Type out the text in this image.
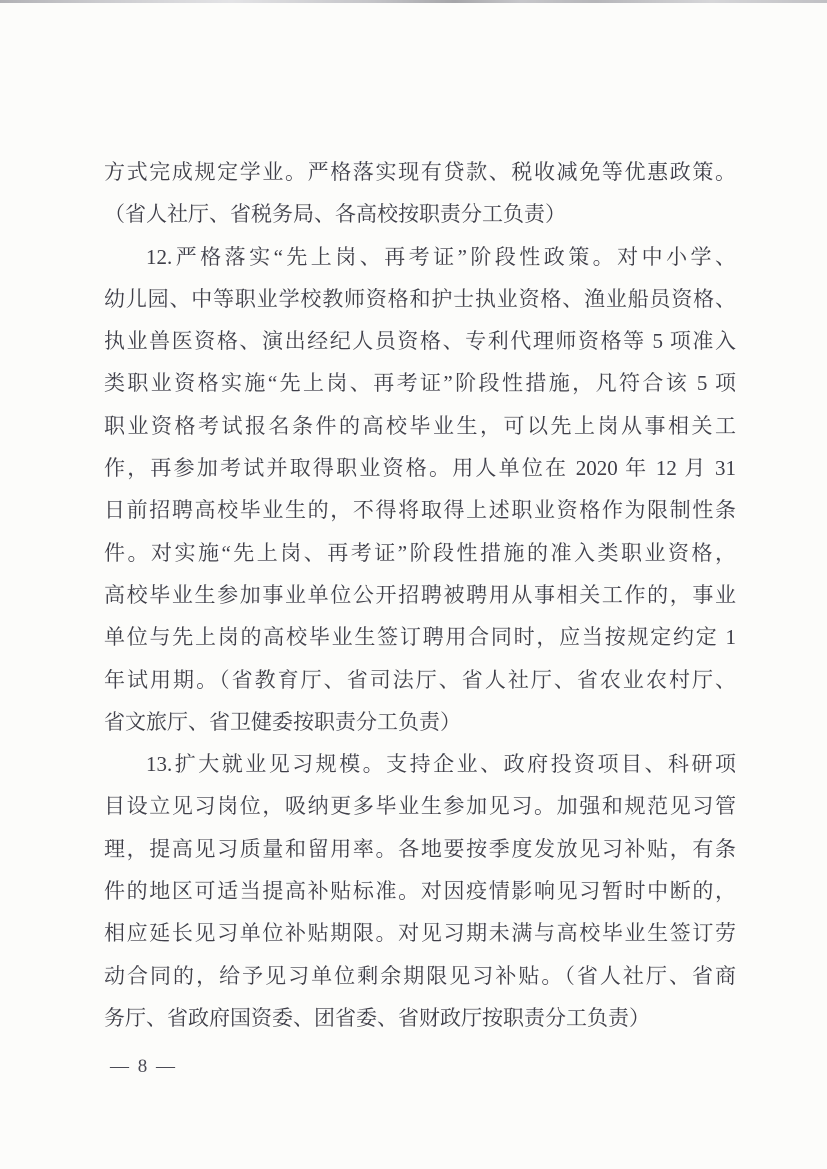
方式完成规定学业。严格落实现有贷款、税收减免等优惠政策。
（省人社厅、省税务局、各高校按职责分工负责）
12.严格落实“先上岗、再考证”阶段性政策。对中小学、
幼儿园、中等职业学校教师资格和护士执业资格、渔业船员资格、
执业兽医资格、演出经纪人员资格、专利代理师资格等 5 项准入
类职业资格实施“先上岗、再考证”阶段性措施，凡符合该 5 项
职业资格考试报名条件的高校毕业生，可以先上岗从事相关工
作，再参加考试并取得职业资格。用人单位在 2020 年 12 月 31
日前招聘高校毕业生的，不得将取得上述职业资格作为限制性条
件。对实施“先上岗、再考证”阶段性措施的准入类职业资格，
高校毕业生参加事业单位公开招聘被聘用从事相关工作的，事业
单位与先上岗的高校毕业生签订聘用合同时，应当按规定约定 1
年试用期。（省教育厅、省司法厅、省人社厅、省农业农村厅、
省文旅厅、省卫健委按职责分工负责）
13.扩大就业见习规模。支持企业、政府投资项目、科研项
目设立见习岗位，吸纳更多毕业生参加见习。加强和规范见习管
理，提高见习质量和留用率。各地要按季度发放见习补贴，有条
件的地区可适当提高补贴标准。对因疫情影响见习暂时中断的，
相应延长见习单位补贴期限。对见习期未满与高校毕业生签订劳
动合同的，给予见习单位剩余期限见习补贴。（省人社厅、省商
务厅、省政府国资委、团省委、省财政厅按职责分工负责）
— 8 —
